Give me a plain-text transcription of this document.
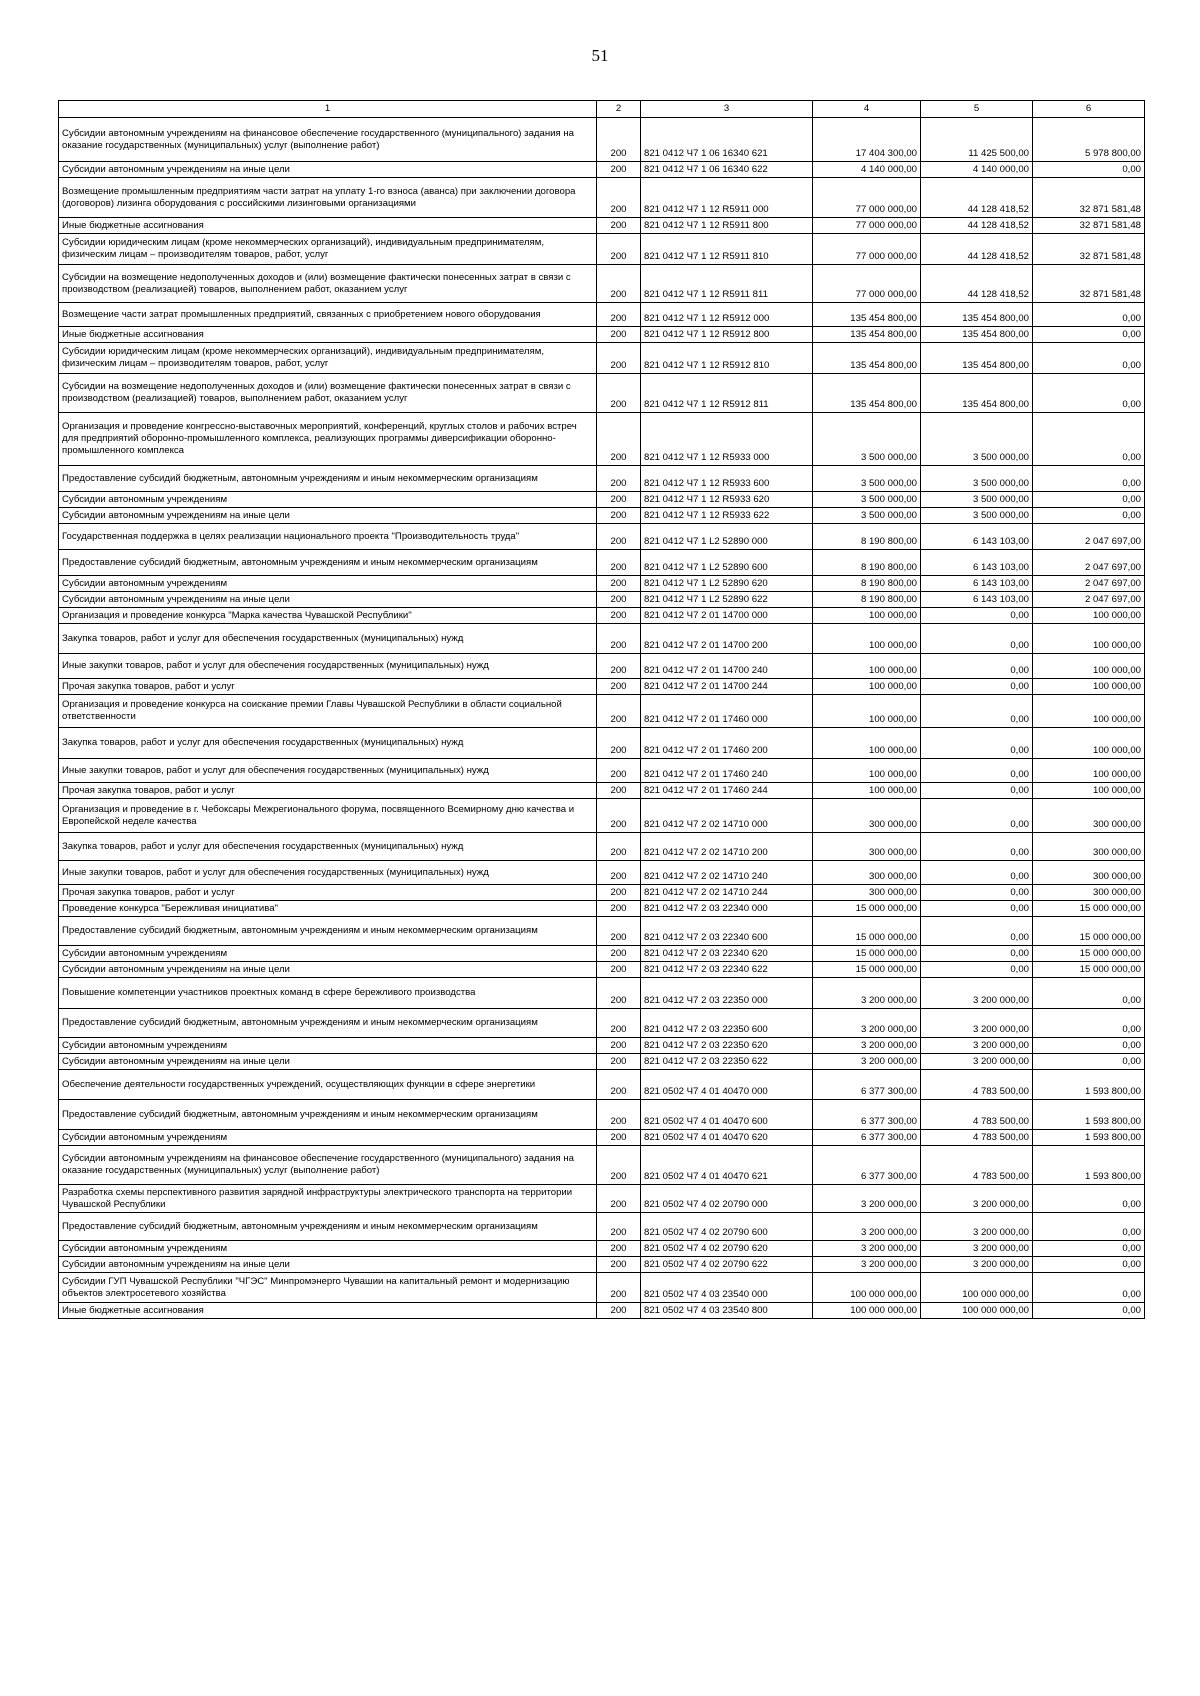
51
1	2	3	4	5	6
Субсидии автономным учреждениям на финансовое обеспечение государственного (муниципального) задания на оказание государственных (муниципальных) услуг (выполнение работ)	200	821 0412 Ч7 1 06 16340 621	17 404 300,00	11 425 500,00	5 978 800,00
Субсидии автономным учреждениям на иные цели	200	821 0412 Ч7 1 06 16340 622	4 140 000,00	4 140 000,00	0,00
Возмещение промышленным предприятиям части затрат на уплату 1-го взноса (аванса) при заключении договора (договоров) лизинга оборудования с российскими лизинговыми организациями	200	821 0412 Ч7 1 12 R5911 000	77 000 000,00	44 128 418,52	32 871 581,48
Иные бюджетные ассигнования	200	821 0412 Ч7 1 12 R5911 800	77 000 000,00	44 128 418,52	32 871 581,48
Субсидии юридическим лицам (кроме некоммерческих организаций), индивидуальным предпринимателям, физическим лицам – производителям товаров, работ, услуг	200	821 0412 Ч7 1 12 R5911 810	77 000 000,00	44 128 418,52	32 871 581,48
Субсидии на возмещение недополученных доходов и (или) возмещение фактически понесенных затрат в связи с производством (реализацией) товаров, выполнением работ, оказанием услуг	200	821 0412 Ч7 1 12 R5911 811	77 000 000,00	44 128 418,52	32 871 581,48
Возмещение части затрат промышленных предприятий, связанных с приобретением нового оборудования	200	821 0412 Ч7 1 12 R5912 000	135 454 800,00	135 454 800,00	0,00
Иные бюджетные ассигнования	200	821 0412 Ч7 1 12 R5912 800	135 454 800,00	135 454 800,00	0,00
Субсидии юридическим лицам (кроме некоммерческих организаций), индивидуальным предпринимателям, физическим лицам – производителям товаров, работ, услуг	200	821 0412 Ч7 1 12 R5912 810	135 454 800,00	135 454 800,00	0,00
Субсидии на возмещение недополученных доходов и (или) возмещение фактически понесенных затрат в связи с производством (реализацией) товаров, выполнением работ, оказанием услуг	200	821 0412 Ч7 1 12 R5912 811	135 454 800,00	135 454 800,00	0,00
Организация и проведение конгрессно-выставочных мероприятий, конференций, круглых столов и рабочих встреч для предприятий оборонно-промышленного комплекса, реализующих программы диверсификации оборонно-промышленного комплекса	200	821 0412 Ч7 1 12 R5933 000	3 500 000,00	3 500 000,00	0,00
Предоставление субсидий бюджетным, автономным учреждениям и иным некоммерческим организациям	200	821 0412 Ч7 1 12 R5933 600	3 500 000,00	3 500 000,00	0,00
Субсидии автономным учреждениям	200	821 0412 Ч7 1 12 R5933 620	3 500 000,00	3 500 000,00	0,00
Субсидии автономным учреждениям на иные цели	200	821 0412 Ч7 1 12 R5933 622	3 500 000,00	3 500 000,00	0,00
Государственная поддержка в целях реализации национального проекта "Производительность труда"	200	821 0412 Ч7 1 L2 52890 000	8 190 800,00	6 143 103,00	2 047 697,00
Предоставление субсидий бюджетным, автономным учреждениям и иным некоммерческим организациям	200	821 0412 Ч7 1 L2 52890 600	8 190 800,00	6 143 103,00	2 047 697,00
Субсидии автономным учреждениям	200	821 0412 Ч7 1 L2 52890 620	8 190 800,00	6 143 103,00	2 047 697,00
Субсидии автономным учреждениям на иные цели	200	821 0412 Ч7 1 L2 52890 622	8 190 800,00	6 143 103,00	2 047 697,00
Организация и проведение конкурса "Марка качества Чувашской Республики"	200	821 0412 Ч7 2 01 14700 000	100 000,00	0,00	100 000,00
Закупка товаров, работ и услуг для обеспечения государственных (муниципальных) нужд	200	821 0412 Ч7 2 01 14700 200	100 000,00	0,00	100 000,00
Иные закупки товаров, работ и услуг для обеспечения государственных (муниципальных) нужд	200	821 0412 Ч7 2 01 14700 240	100 000,00	0,00	100 000,00
Прочая закупка товаров, работ и услуг	200	821 0412 Ч7 2 01 14700 244	100 000,00	0,00	100 000,00
Организация и проведение конкурса на соискание премии Главы Чувашской Республики в области социальной ответственности	200	821 0412 Ч7 2 01 17460 000	100 000,00	0,00	100 000,00
Закупка товаров, работ и услуг для обеспечения государственных (муниципальных) нужд	200	821 0412 Ч7 2 01 17460 200	100 000,00	0,00	100 000,00
Иные закупки товаров, работ и услуг для обеспечения государственных (муниципальных) нужд	200	821 0412 Ч7 2 01 17460 240	100 000,00	0,00	100 000,00
Прочая закупка товаров, работ и услуг	200	821 0412 Ч7 2 01 17460 244	100 000,00	0,00	100 000,00
Организация и проведение в г. Чебоксары Межрегионального форума, посвященного Всемирному дню качества и Европейской неделе качества	200	821 0412 Ч7 2 02 14710 000	300 000,00	0,00	300 000,00
Закупка товаров, работ и услуг для обеспечения государственных (муниципальных) нужд	200	821 0412 Ч7 2 02 14710 200	300 000,00	0,00	300 000,00
Иные закупки товаров, работ и услуг для обеспечения государственных (муниципальных) нужд	200	821 0412 Ч7 2 02 14710 240	300 000,00	0,00	300 000,00
Прочая закупка товаров, работ и услуг	200	821 0412 Ч7 2 02 14710 244	300 000,00	0,00	300 000,00
Проведение конкурса "Бережливая инициатива"	200	821 0412 Ч7 2 03 22340 000	15 000 000,00	0,00	15 000 000,00
Предоставление субсидий бюджетным, автономным учреждениям и иным некоммерческим организациям	200	821 0412 Ч7 2 03 22340 600	15 000 000,00	0,00	15 000 000,00
Субсидии автономным учреждениям	200	821 0412 Ч7 2 03 22340 620	15 000 000,00	0,00	15 000 000,00
Субсидии автономным учреждениям на иные цели	200	821 0412 Ч7 2 03 22340 622	15 000 000,00	0,00	15 000 000,00
Повышение компетенции участников проектных команд в сфере бережливого производства	200	821 0412 Ч7 2 03 22350 000	3 200 000,00	3 200 000,00	0,00
Предоставление субсидий бюджетным, автономным учреждениям и иным некоммерческим организациям	200	821 0412 Ч7 2 03 22350 600	3 200 000,00	3 200 000,00	0,00
Субсидии автономным учреждениям	200	821 0412 Ч7 2 03 22350 620	3 200 000,00	3 200 000,00	0,00
Субсидии автономным учреждениям на иные цели	200	821 0412 Ч7 2 03 22350 622	3 200 000,00	3 200 000,00	0,00
Обеспечение деятельности государственных учреждений, осуществляющих функции в сфере энергетики	200	821 0502 Ч7 4 01 40470 000	6 377 300,00	4 783 500,00	1 593 800,00
Предоставление субсидий бюджетным, автономным учреждениям и иным некоммерческим организациям	200	821 0502 Ч7 4 01 40470 600	6 377 300,00	4 783 500,00	1 593 800,00
Субсидии автономным учреждениям	200	821 0502 Ч7 4 01 40470 620	6 377 300,00	4 783 500,00	1 593 800,00
Субсидии автономным учреждениям на финансовое обеспечение государственного (муниципального) задания на оказание государственных (муниципальных) услуг (выполнение работ)	200	821 0502 Ч7 4 01 40470 621	6 377 300,00	4 783 500,00	1 593 800,00
Разработка схемы перспективного развития зарядной инфраструктуры электрического транспорта на территории Чувашской Республики	200	821 0502 Ч7 4 02 20790 000	3 200 000,00	3 200 000,00	0,00
Предоставление субсидий бюджетным, автономным учреждениям и иным некоммерческим организациям	200	821 0502 Ч7 4 02 20790 600	3 200 000,00	3 200 000,00	0,00
Субсидии автономным учреждениям	200	821 0502 Ч7 4 02 20790 620	3 200 000,00	3 200 000,00	0,00
Субсидии автономным учреждениям на иные цели	200	821 0502 Ч7 4 02 20790 622	3 200 000,00	3 200 000,00	0,00
Субсидии ГУП Чувашской Республики "ЧГЭС" Минпромэнерго Чувашии на капитальный ремонт и модернизацию объектов электросетевого хозяйства	200	821 0502 Ч7 4 03 23540 000	100 000 000,00	100 000 000,00	0,00
Иные бюджетные ассигнования	200	821 0502 Ч7 4 03 23540 800	100 000 000,00	100 000 000,00	0,00
